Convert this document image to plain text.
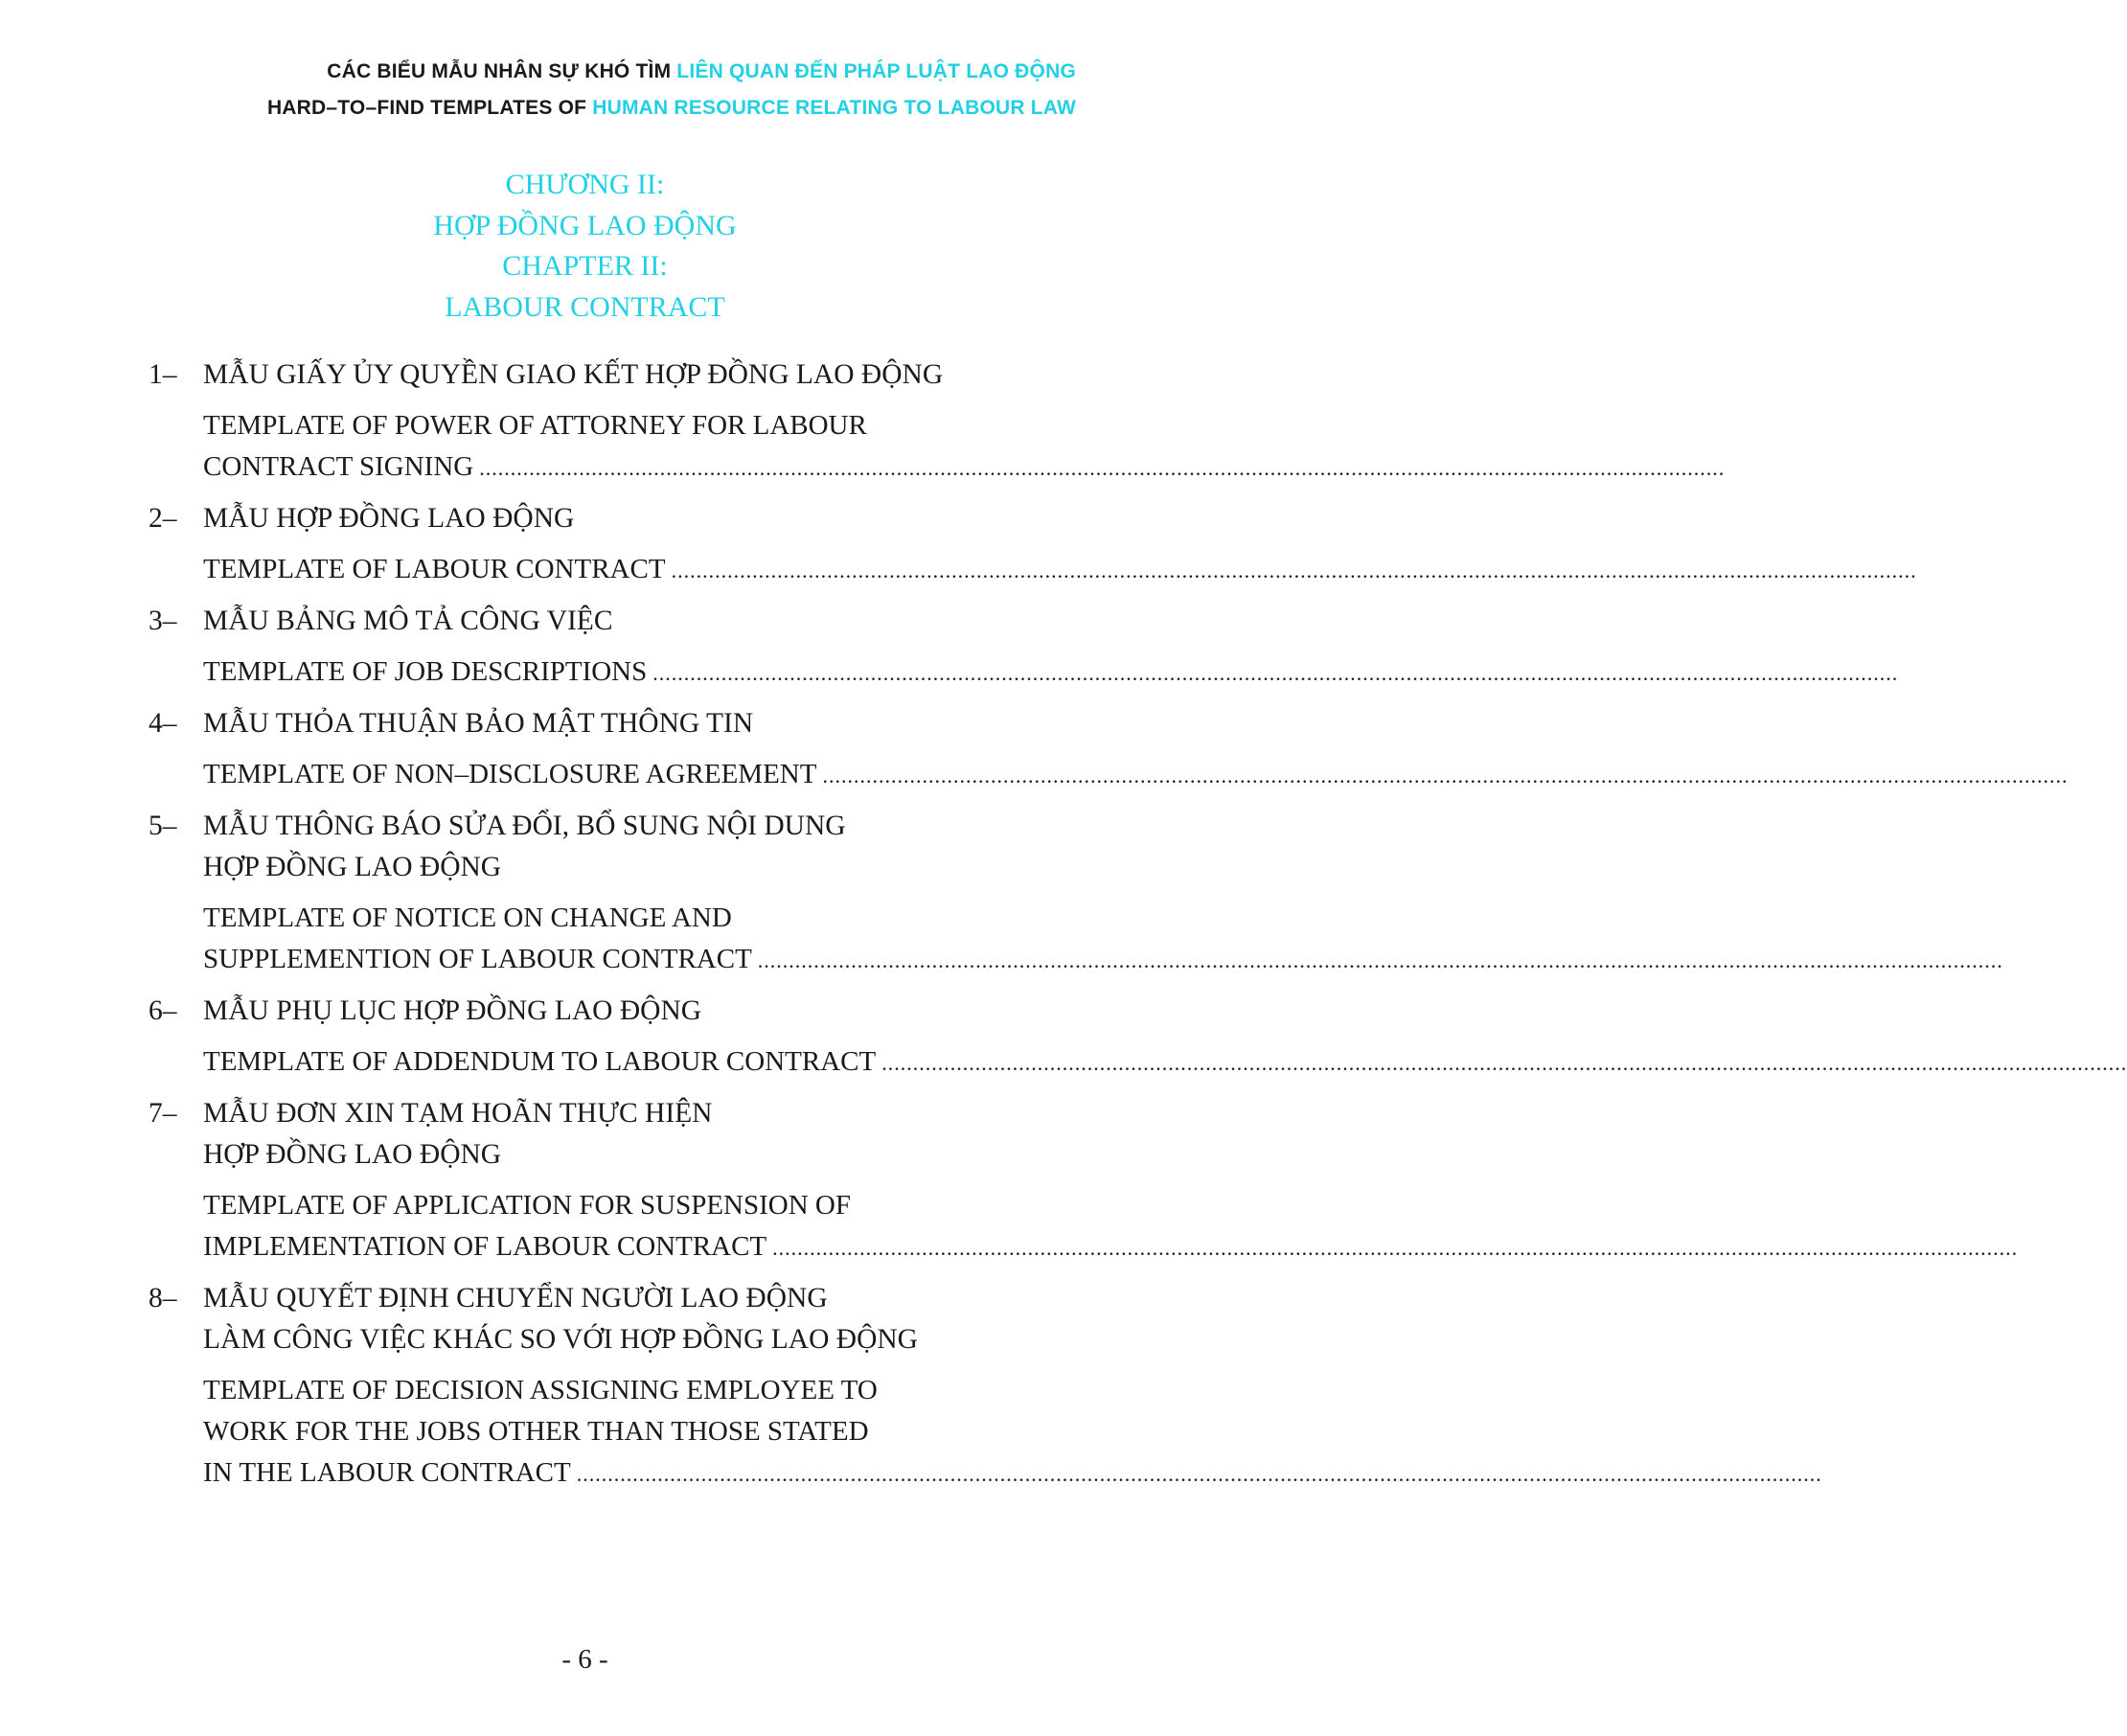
CÁC BIỂU MẪU NHÂN SỰ KHÓ TÌM LIÊN QUAN ĐẾN PHÁP LUẬT LAO ĐỘNG
HARD–TO–FIND TEMPLATES OF HUMAN RESOURCE RELATING TO LABOUR LAW
CHƯƠNG II:
HỢP ĐỒNG LAO ĐỘNG
CHAPTER II:
LABOUR CONTRACT
1– MẪU GIẤY ỦY QUYỀN GIAO KẾT HỢP ĐỒNG LAO ĐỘNG
TEMPLATE OF POWER OF ATTORNEY FOR LABOUR
CONTRACT SIGNING ........................................................................................................................................................................................................
2– MẪU HỢP ĐỒNG LAO ĐỘNG
TEMPLATE OF LABOUR CONTRACT ........................................................................................................................................................................................................
3– MẪU BẢNG MÔ TẢ CÔNG VIỆC
TEMPLATE OF JOB DESCRIPTIONS ........................................................................................................................................................................................................
4– MẪU THỎA THUẬN BẢO MẬT THÔNG TIN
TEMPLATE OF NON–DISCLOSURE AGREEMENT ........................................................................................................................................................................................................
5– MẪU THÔNG BÁO SỬA ĐỔI, BỔ SUNG NỘI DUNG
HỢP ĐỒNG LAO ĐỘNG
TEMPLATE OF NOTICE ON CHANGE AND
SUPPLEMENTION OF LABOUR CONTRACT ........................................................................................................................................................................................................
6– MẪU PHỤ LỤC HỢP ĐỒNG LAO ĐỘNG
TEMPLATE OF ADDENDUM TO LABOUR CONTRACT ........................................................................................................................................................................................................
7– MẪU ĐƠN XIN TẠM HOÃN THỰC HIỆN
HỢP ĐỒNG LAO ĐỘNG
TEMPLATE OF APPLICATION FOR SUSPENSION OF
IMPLEMENTATION OF LABOUR CONTRACT ........................................................................................................................................................................................................
8– MẪU QUYẾT ĐỊNH CHUYỂN NGƯỜI LAO ĐỘNG
LÀM CÔNG VIỆC KHÁC SO VỚI HỢP ĐỒNG LAO ĐỘNG
TEMPLATE OF DECISION ASSIGNING EMPLOYEE TO
WORK FOR THE JOBS OTHER THAN THOSE STATED
IN THE LABOUR CONTRACT ........................................................................................................................................................................................................
- 6 -
